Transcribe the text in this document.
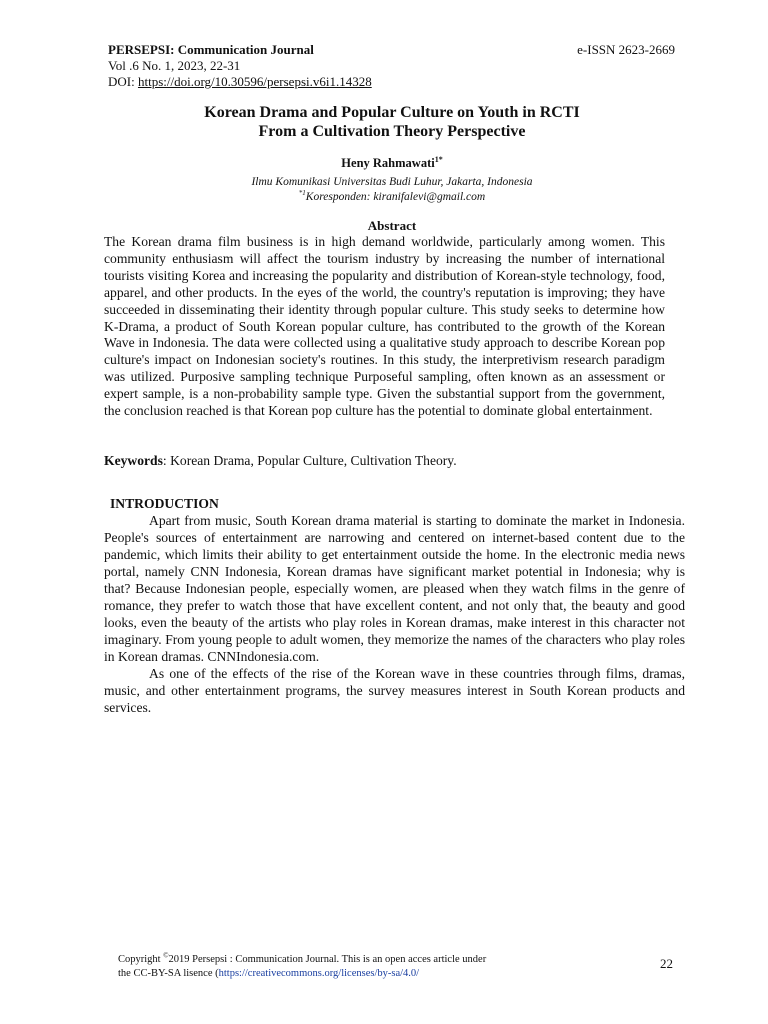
PERSEPSI: Communication Journal	e-ISSN 2623-2669
Vol .6 No. 1, 2023, 22-31
DOI: https://doi.org/10.30596/persepsi.v6i1.14328
Korean Drama and Popular Culture on Youth in RCTI
From a Cultivation Theory Perspective
Heny Rahmawati$^{1*}$
Ilmu Komunikasi Universitas Budi Luhur, Jakarta, Indonesia
$^{*1}$Koresponden: kiranifalevi@gmail.com
Abstract

The Korean drama film business is in high demand worldwide, particularly among women. This community enthusiasm will affect the tourism industry by increasing the number of international tourists visiting Korea and increasing the popularity and distribution of Korean-style technology, food, apparel, and other products. In the eyes of the world, the country's reputation is improving; they have succeeded in disseminating their identity through popular culture. This study seeks to determine how K-Drama, a product of South Korean popular culture, has contributed to the growth of the Korean Wave in Indonesia. The data were collected using a qualitative study approach to describe Korean pop culture's impact on Indonesian society's routines. In this study, the interpretivism research paradigm was utilized. Purposive sampling technique Purposeful sampling, often known as an assessment or expert sample, is a non-probability sample type. Given the substantial support from the government, the conclusion reached is that Korean pop culture has the potential to dominate global entertainment.

Keywords: Korean Drama, Popular Culture, Cultivation Theory.
INTRODUCTION

Apart from music, South Korean drama material is starting to dominate the market in Indonesia. People's sources of entertainment are narrowing and centered on internet-based content due to the pandemic, which limits their ability to get entertainment outside the home. In the electronic media news portal, namely CNN Indonesia, Korean dramas have significant market potential in Indonesia; why is that? Because Indonesian people, especially women, are pleased when they watch films in the genre of romance, they prefer to watch those that have excellent content, and not only that, the beauty and good looks, even the beauty of the artists who play roles in Korean dramas, make interest in this character not imaginary. From young people to adult women, they memorize the names of the characters who play roles in Korean dramas. CNNIndonesia.com.

As one of the effects of the rise of the Korean wave in these countries through films, dramas, music, and other entertainment programs, the survey measures interest in South Korean products and services.

Copyright ©2019 Persepsi : Communication Journal. This is an open acces article under
the CC-BY-SA lisence (https://creativecommons.org/licenses/by-sa/4.0/
22
